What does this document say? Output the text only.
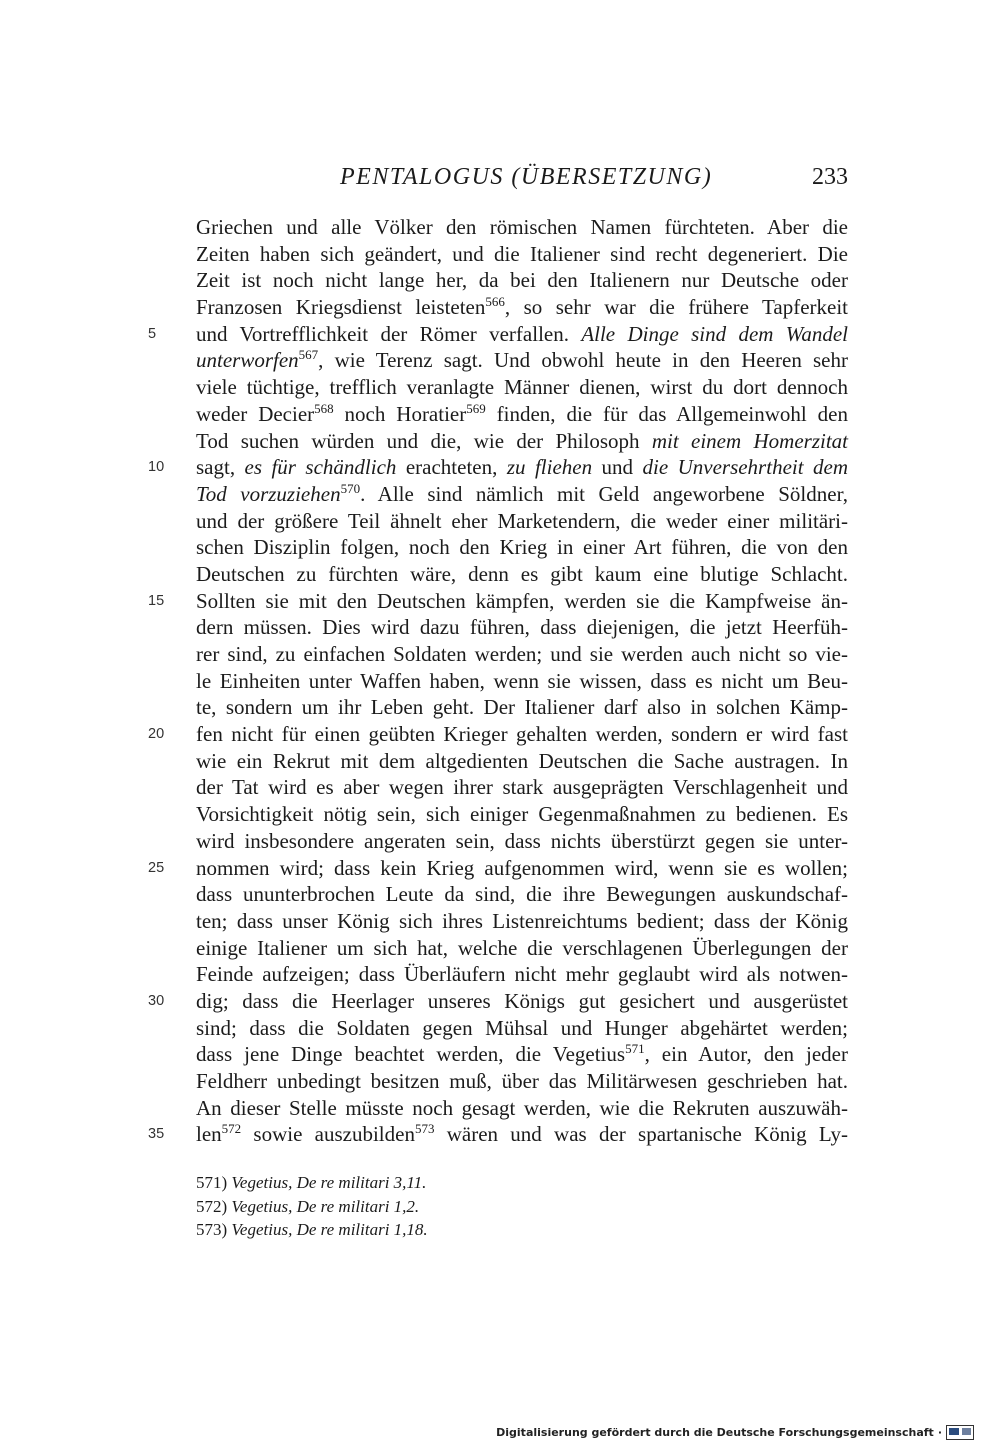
PENTALOGUS (ÜBERSETZUNG)	233
Griechen und alle Völker den römischen Namen fürchteten. Aber die
Zeiten haben sich geändert, und die Italiener sind recht degeneriert. Die
Zeit ist noch nicht lange her, da bei den Italienern nur Deutsche oder
Franzosen Kriegsdienst leisteten$^{566}$, so sehr war die frühere Tapferkeit
5 und Vortrefflichkeit der Römer verfallen. Alle Dinge sind dem Wandel
unterworfen$^{567}$, wie Terenz sagt. Und obwohl heute in den Heeren sehr
viele tüchtige, trefflich veranlagte Männer dienen, wirst du dort dennoch
weder Decier$^{568}$ noch Horatier$^{569}$ finden, die für das Allgemeinwohl den
Tod suchen würden und die, wie der Philosoph mit einem Homerzitat
10 sagt, es für schändlich erachteten, zu fliehen und die Unversehrtheit dem
Tod vorzuziehen$^{570}$. Alle sind nämlich mit Geld angeworbene Söldner,
und der größere Teil ähnelt eher Marketendern, die weder einer militäri-
schen Disziplin folgen, noch den Krieg in einer Art führen, die von den
Deutschen zu fürchten wäre, denn es gibt kaum eine blutige Schlacht.
15 Sollten sie mit den Deutschen kämpfen, werden sie die Kampfweise än-
dern müssen. Dies wird dazu führen, dass diejenigen, die jetzt Heerfüh-
rer sind, zu einfachen Soldaten werden; und sie werden auch nicht so vie-
le Einheiten unter Waffen haben, wenn sie wissen, dass es nicht um Beu-
te, sondern um ihr Leben geht. Der Italiener darf also in solchen Kämp-
20 fen nicht für einen geübten Krieger gehalten werden, sondern er wird fast
wie ein Rekrut mit dem altgedienten Deutschen die Sache austragen. In
der Tat wird es aber wegen ihrer stark ausgeprägten Verschlagenheit und
Vorsichtigkeit nötig sein, sich einiger Gegenmaßnahmen zu bedienen. Es
wird insbesondere angeraten sein, dass nichts überstürzt gegen sie unter-
25 nommen wird; dass kein Krieg aufgenommen wird, wenn sie es wollen;
dass ununterbrochen Leute da sind, die ihre Bewegungen auskundschaf-
ten; dass unser König sich ihres Listenreichtums bedient; dass der König
einige Italiener um sich hat, welche die verschlagenen Überlegungen der
Feinde aufzeigen; dass Überläufern nicht mehr geglaubt wird als notwen-
30 dig; dass die Heerlager unseres Königs gut gesichert und ausgerüstet
sind; dass die Soldaten gegen Mühsal und Hunger abgehärtet werden;
dass jene Dinge beachtet werden, die Vegetius$^{571}$, ein Autor, den jeder
Feldherr unbedingt besitzen muß, über das Militärwesen geschrieben hat.
An dieser Stelle müsste noch gesagt werden, wie die Rekruten auszuwäh-
35 len$^{572}$ sowie auszubilden$^{573}$ wären und was der spartanische König Ly-
571) Vegetius, De re militari 3,11.
572) Vegetius, De re militari 1,2.
573) Vegetius, De re militari 1,18.
Digitalisierung gefördert durch die Deutsche Forschungsgemeinschaft ·
